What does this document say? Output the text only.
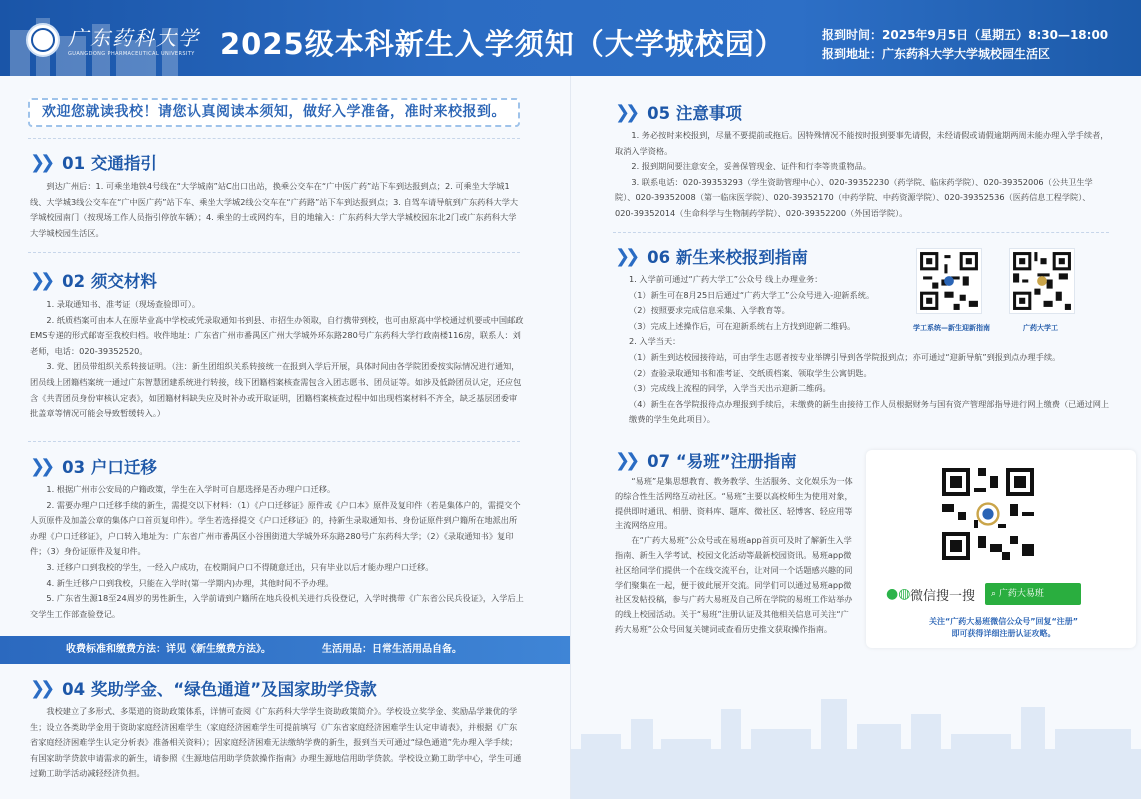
广东药科大学
GUANGDONG PHARMACEUTICAL UNIVERSITY 2025级本科新生入学须知（大学城校园）	报到时间：2025年9月5日（星期五）8:30—18:00
报到地址：广东药科大学大学城校园生活区
欢迎您就读我校！请您认真阅读本须知，做好入学准备，准时来校报到。
❯❯ 01 交通指引

到达广州后：1. 可乘坐地铁4号线在“大学城南”站C出口出站，换乘公交车在“广中医广药”站下车到达报到点；2. 可乘坐大学城1线、大学城3线公交车在“广中医广药”站下车、乘坐大学城2线公交车在“广药路”站下车到达报到点；3. 自驾车请导航到广东药科大学大学城校园南门（按现场工作人员指引停放车辆）；4. 乘坐的士或网约车，目的地输入：广东药科大学大学城校园东北2门或广东药科大学大学城校园生活区。

❯❯ 02 须交材料

1. 录取通知书、准考证（现场查验即可）。

2. 纸质档案可由本人在原毕业高中学校或凭录取通知书到县、市招生办领取，自行携带到校，也可由原高中学校通过机要或中国邮政EMS专递的形式邮寄至我校归档。收件地址：广东省广州市番禺区广州大学城外环东路280号广东药科大学行政南楼116房，联系人：刘老师，电话：020-39352520。

3. 党、团员带组织关系转接证明。（注：新生团组织关系转接统一在报到入学后开展，具体时间由各学院团委按实际情况进行通知，团员线上团籍档案统一通过广东智慧团建系统进行转接，线下团籍档案核查需包含入团志愿书、团员证等。如涉及低龄团员认定，还应包含《共青团员身份审核认定表》，如团籍材料缺失应及时补办或开取证明，团籍档案核查过程中如出现档案材料不齐全，缺乏基层团委审批盖章等情况可能会导致暂缓转入。）

❯❯ 03 户口迁移

1. 根据广州市公安局的户籍政策，学生在入学时可自愿选择是否办理户口迁移。

2. 需要办理户口迁移手续的新生，需提交以下材料：（1）《户口迁移证》原件或《户口本》原件及复印件（若是集体户的，需提交个人页原件及加盖公章的集体户口首页复印件）。学生若选择提交《户口迁移证》的，持新生录取通知书、身份证原件到户籍所在地派出所办理《户口迁移证》，户口转入地址为：广东省广州市番禺区小谷围街道大学城外环东路280号广东药科大学；（2）《录取通知书》复印件；（3）身份证原件及复印件。

3. 迁移户口到我校的学生，一经入户成功，在校期间户口不得随意迁出，只有毕业以后才能办理户口迁移。

4. 新生迁移户口到我校，只能在入学时(第一学期内)办理，其他时间不予办理。

5. 广东省生源18至24周岁的男性新生，入学前请到户籍所在地兵役机关进行兵役登记，入学时携带《广东省公民兵役证》，入学后上交学生工作部查验登记。

收费标准和缴费方法：详见《新生缴费方法》。	生活用品：日常生活用品自备。
❯❯ 04 奖助学金、“绿色通道”及国家助学贷款

我校建立了多形式、多渠道的资助政策体系，详情可查阅《广东药科大学学生资助政策简介》。学校设立奖学金、奖励品学兼优的学生；设立各类助学金用于资助家庭经济困难学生（家庭经济困难学生可提前填写《广东省家庭经济困难学生认定申请表》，并根据《广东省家庭经济困难学生认定分析表》准备相关资料）；因家庭经济困难无法缴纳学费的新生，报到当天可通过“绿色通道”先办理入学手续；有国家助学贷款申请需求的新生，请参照《生源地信用助学贷款操作指南》办理生源地信用助学贷款。学校设立勤工助学中心，学生可通过勤工助学活动减轻经济负担。

❯❯ 05 注意事项

1. 务必按时来校报到，尽量不要提前或拖后。因特殊情况不能按时报到要事先请假，未经请假或请假逾期两周未能办理入学手续者，取消入学资格。

2. 报到期间要注意安全，妥善保管现金、证件和行李等贵重物品。

3. 联系电话：020-39353293（学生资助管理中心）、020-39352230（药学院、临床药学院）、020-39352006（公共卫生学院）、020-39352008（第一临床医学院）、020-39352170（中药学院、中药资源学院）、020-39352536（医药信息工程学院）、020-39352014（生命科学与生物制药学院）、020-39352200（外国语学院）。

❯❯ 06 新生来校报到指南
学工系统—新生迎新指南	广药大学工

1. 入学前可通过“广药大学工”公众号 线上办理业务：

（1）新生可在8月25日后通过“广药大学工”公众号进入-迎新系统。

（2）按照要求完成信息采集、入学教育等。

（3）完成上述操作后，可在迎新系统右上方找到迎新二维码。

2. 入学当天：

（1）新生到达校园接待站，可由学生志愿者按专业举牌引导到各学院报到点；亦可通过“迎新导航”到报到点办理手续。

（2）查验录取通知书和准考证、交纸质档案、领取学生公寓钥匙。

（3）完成线上流程的同学，入学当天出示迎新二维码。

（4）新生在各学院报待点办理报到手续后，未缴费的新生由接待工作人员根据财务与国有资产管理部指导进行网上缴费（已通过网上缴费的学生免此项目）。

❯❯ 07 “易班”注册指南

“易班”是集思想教育、教务教学、生活服务、文化娱乐为一体的综合性生活网络互动社区。“易班”主要以高校师生为使用对象，提供即时通讯、相册、资料库、题库、微社区、轻博客、轻应用等主流网络应用。

在“广药大易班”公众号或在易班app首页可及时了解新生入学指南、新生入学考试、校园文化活动等最新校园资讯。易班app微社区给同学们提供一个在线交流平台，让对同一个话题感兴趣的同学们聚集在一起，便于彼此展开交流。同学们可以通过易班app微社区发帖投稿，参与广药大易班及自己所在学院的易班工作站举办的线上校园活动。关于“易班”注册认证及其他相关信息可关注“广药大易班”公众号回复关键词或查看历史推文获取操作指南。

●◍ 微信搜一搜	⌕ 广药大易班
关注“广药大易班微信公众号”回复“注册”
即可获得详细注册认证攻略。
